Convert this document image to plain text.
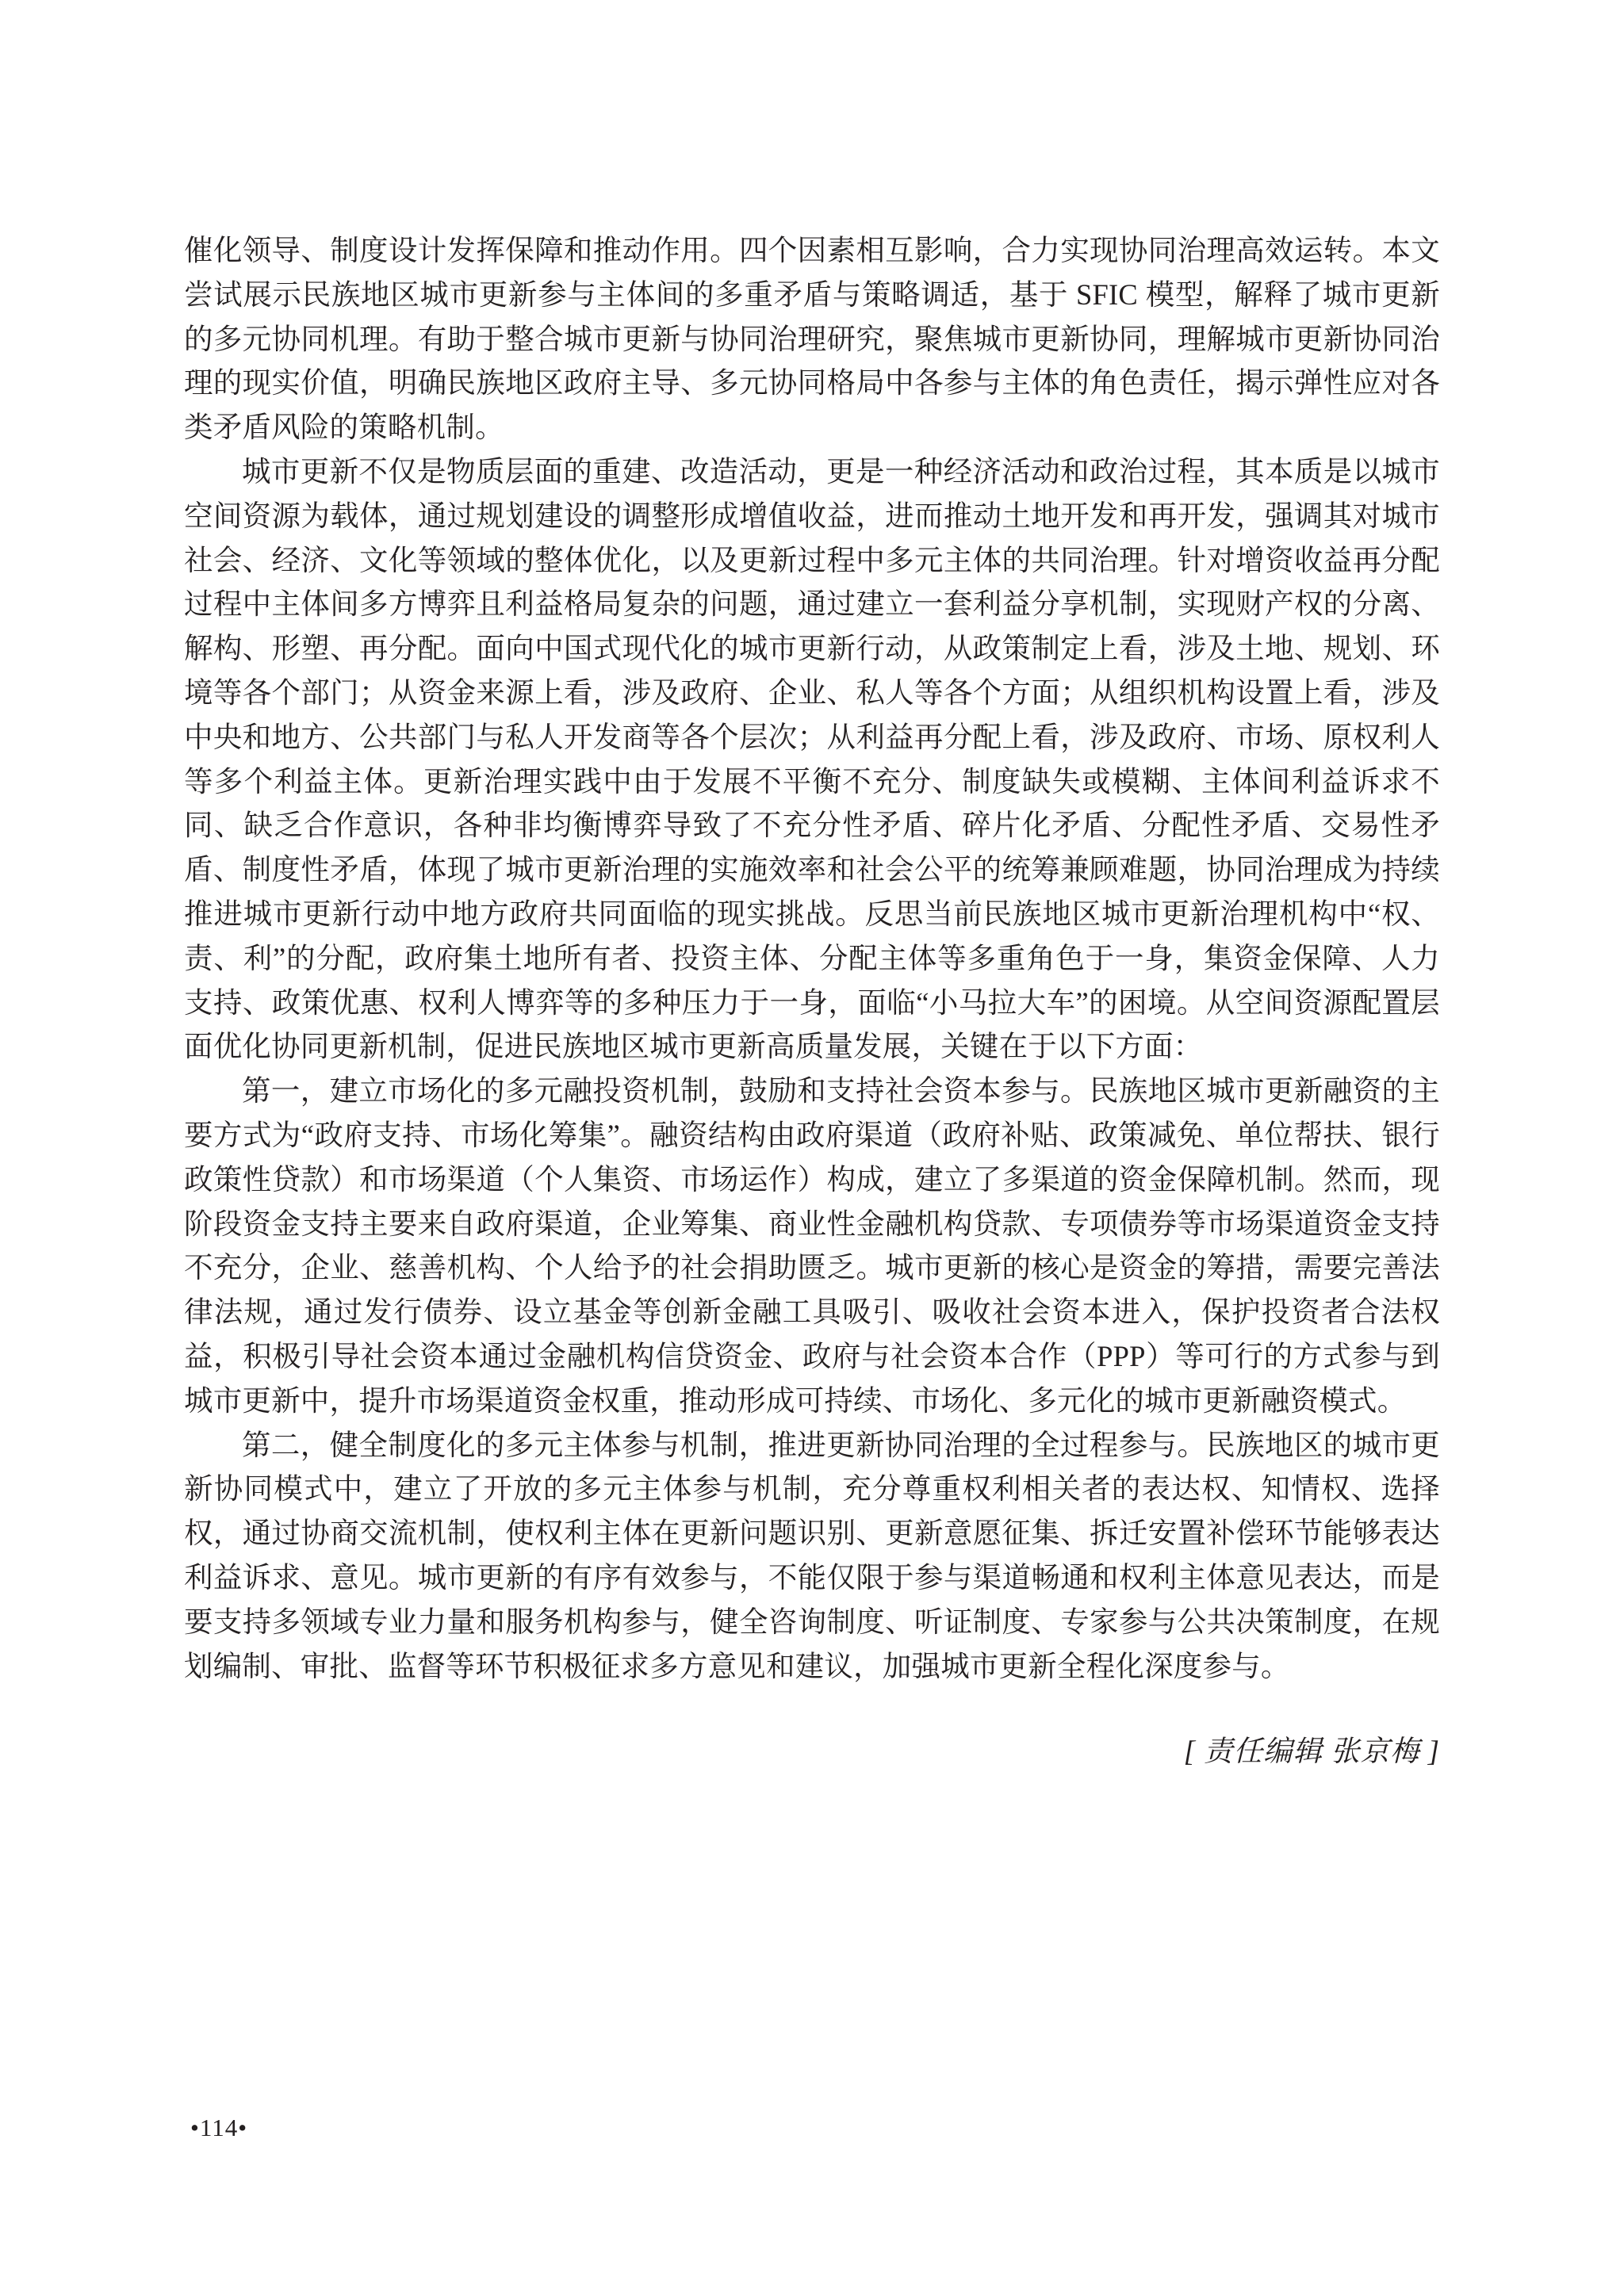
催化领导、制度设计发挥保障和推动作用。四个因素相互影响，合力实现协同治理高效运转。本文尝试展示民族地区城市更新参与主体间的多重矛盾与策略调适，基于 SFIC 模型，解释了城市更新的多元协同机理。有助于整合城市更新与协同治理研究，聚焦城市更新协同，理解城市更新协同治理的现实价值，明确民族地区政府主导、多元协同格局中各参与主体的角色责任，揭示弹性应对各类矛盾风险的策略机制。

城市更新不仅是物质层面的重建、改造活动，更是一种经济活动和政治过程，其本质是以城市空间资源为载体，通过规划建设的调整形成增值收益，进而推动土地开发和再开发，强调其对城市社会、经济、文化等领域的整体优化，以及更新过程中多元主体的共同治理。针对增资收益再分配过程中主体间多方博弈且利益格局复杂的问题，通过建立一套利益分享机制，实现财产权的分离、解构、形塑、再分配。面向中国式现代化的城市更新行动，从政策制定上看，涉及土地、规划、环境等各个部门；从资金来源上看，涉及政府、企业、私人等各个方面；从组织机构设置上看，涉及中央和地方、公共部门与私人开发商等各个层次；从利益再分配上看，涉及政府、市场、原权利人等多个利益主体。更新治理实践中由于发展不平衡不充分、制度缺失或模糊、主体间利益诉求不同、缺乏合作意识，各种非均衡博弈导致了不充分性矛盾、碎片化矛盾、分配性矛盾、交易性矛盾、制度性矛盾，体现了城市更新治理的实施效率和社会公平的统筹兼顾难题，协同治理成为持续推进城市更新行动中地方政府共同面临的现实挑战。反思当前民族地区城市更新治理机构中“权、责、利”的分配，政府集土地所有者、投资主体、分配主体等多重角色于一身，集资金保障、人力支持、政策优惠、权利人博弈等的多种压力于一身，面临“小马拉大车”的困境。从空间资源配置层面优化协同更新机制，促进民族地区城市更新高质量发展，关键在于以下方面：

第一，建立市场化的多元融投资机制，鼓励和支持社会资本参与。民族地区城市更新融资的主要方式为“政府支持、市场化筹集”。融资结构由政府渠道（政府补贴、政策减免、单位帮扶、银行政策性贷款）和市场渠道（个人集资、市场运作）构成，建立了多渠道的资金保障机制。然而，现阶段资金支持主要来自政府渠道，企业筹集、商业性金融机构贷款、专项债券等市场渠道资金支持不充分，企业、慈善机构、个人给予的社会捐助匮乏。城市更新的核心是资金的筹措，需要完善法律法规，通过发行债券、设立基金等创新金融工具吸引、吸收社会资本进入，保护投资者合法权益，积极引导社会资本通过金融机构信贷资金、政府与社会资本合作（PPP）等可行的方式参与到城市更新中，提升市场渠道资金权重，推动形成可持续、市场化、多元化的城市更新融资模式。

第二，健全制度化的多元主体参与机制，推进更新协同治理的全过程参与。民族地区的城市更新协同模式中，建立了开放的多元主体参与机制，充分尊重权利相关者的表达权、知情权、选择权，通过协商交流机制，使权利主体在更新问题识别、更新意愿征集、拆迁安置补偿环节能够表达利益诉求、意见。城市更新的有序有效参与，不能仅限于参与渠道畅通和权利主体意见表达，而是要支持多领域专业力量和服务机构参与，健全咨询制度、听证制度、专家参与公共决策制度，在规划编制、审批、监督等环节积极征求多方意见和建议，加强城市更新全程化深度参与。

[ 责任编辑 张京梅 ]
•114•
